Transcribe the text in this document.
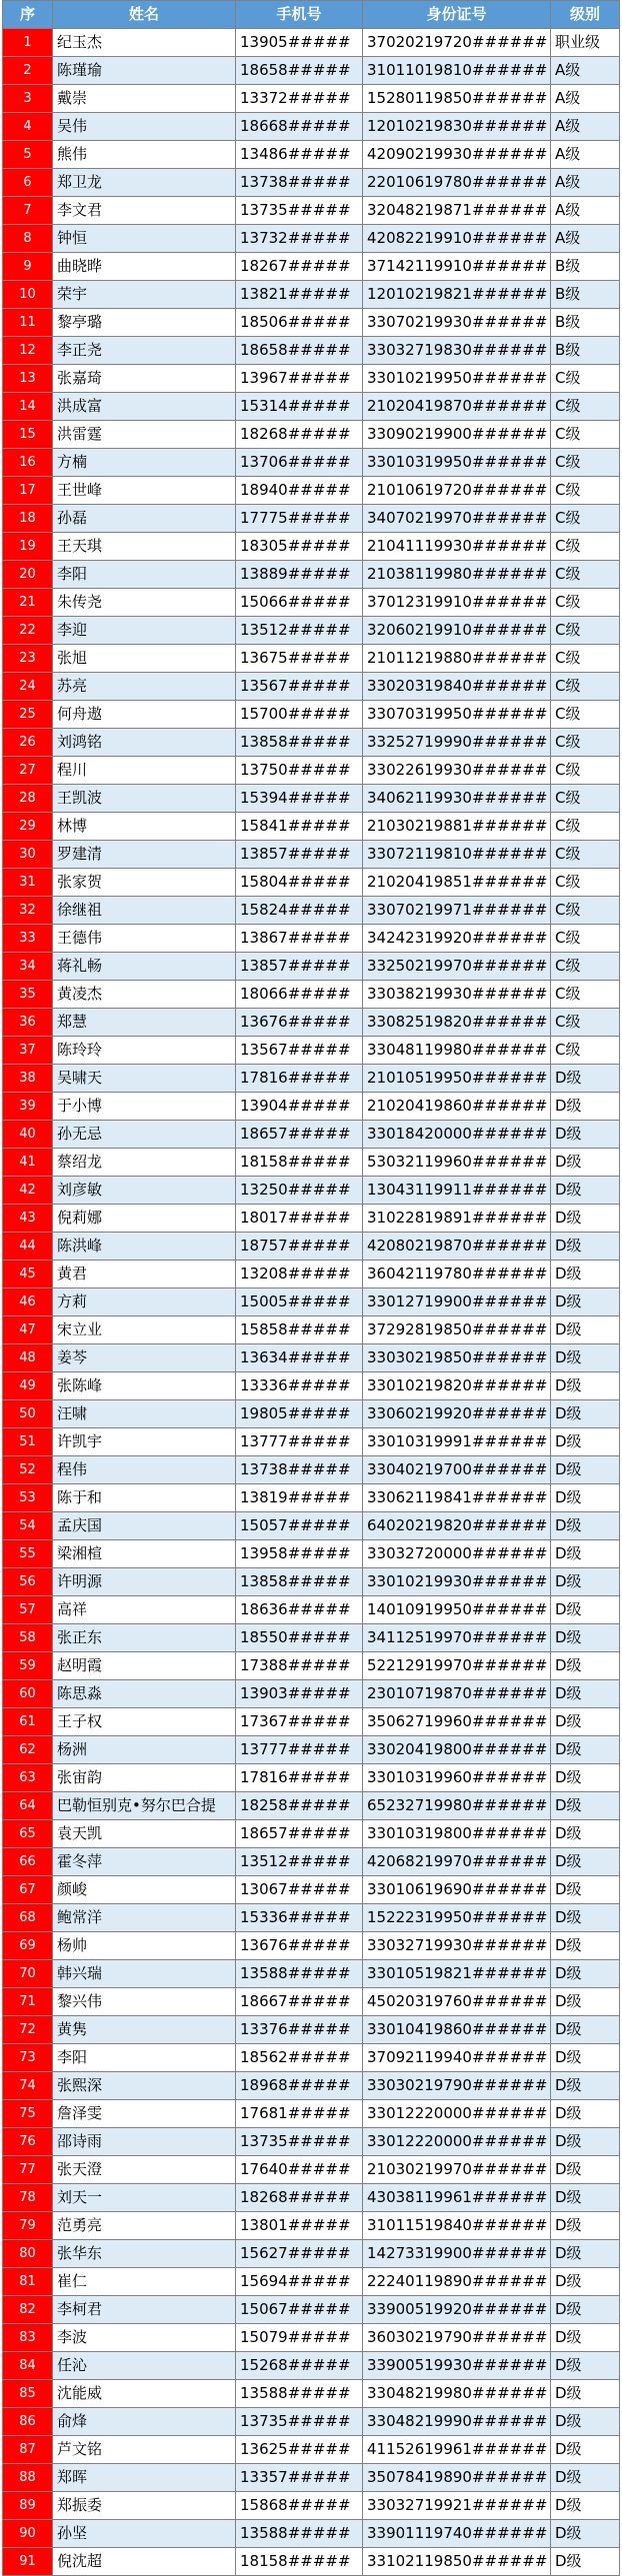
序	姓名	手机号	身份证号	级别
1	纪玉杰	13905#####	37020219720######	职业级
2	陈瑾瑜	18658#####	31011019810######	A级
3	戴崇	13372#####	15280119850######	A级
4	吴伟	18668#####	12010219830######	A级
5	熊伟	13486#####	42090219930######	A级
6	郑卫龙	13738#####	22010619780######	A级
7	李文君	13735#####	32048219871######	A级
8	钟恒	13732#####	42082219910######	A级
9	曲晓晔	18267#####	37142119910######	B级
10	荣宇	13821#####	12010219821######	B级
11	黎亭璐	18506#####	33070219930######	B级
12	李正尧	18658#####	33032719830######	B级
13	张嘉琦	13967#####	33010219950######	C级
14	洪成富	15314#####	21020419870######	C级
15	洪雷霆	18268#####	33090219900######	C级
16	方楠	13706#####	33010319950######	C级
17	王世峰	18940#####	21010619720######	C级
18	孙磊	17775#####	34070219970######	C级
19	王天琪	18305#####	21041119930######	C级
20	李阳	13889#####	21038119980######	C级
21	朱传尧	15066#####	37012319910######	C级
22	李迎	13512#####	32060219910######	C级
23	张旭	13675#####	21011219880######	C级
24	苏亮	13567#####	33020319840######	C级
25	何舟遨	15700#####	33070319950######	C级
26	刘鸿铭	13858#####	33252719990######	C级
27	程川	13750#####	33022619930######	C级
28	王凯波	15394#####	34062119930######	C级
29	林博	15841#####	21030219881######	C级
30	罗建清	13857#####	33072119810######	C级
31	张家贺	15804#####	21020419851######	C级
32	徐继祖	15824#####	33070219971######	C级
33	王德伟	13867#####	34242319920######	C级
34	蒋礼畅	13857#####	33250219970######	C级
35	黄凌杰	18066#####	33038219930######	C级
36	郑慧	13676#####	33082519820######	C级
37	陈玲玲	13567#####	33048119980######	C级
38	吴啸天	17816#####	21010519950######	D级
39	于小博	13904#####	21020419860######	D级
40	孙无忌	18657#####	33018420000######	D级
41	蔡绍龙	18158#####	53032119960######	D级
42	刘彦敏	13250#####	13043119911######	D级
43	倪莉娜	18017#####	31022819891######	D级
44	陈洪峰	18757#####	42080219870######	D级
45	黄君	13208#####	36042119780######	D级
46	方莉	15005#####	33012719900######	D级
47	宋立业	15858#####	37292819850######	D级
48	姜芩	13634#####	33030219850######	D级
49	张陈峰	13336#####	33010219820######	D级
50	汪啸	19805#####	33060219920######	D级
51	许凯宇	13777#####	33010319991######	D级
52	程伟	13738#####	33040219700######	D级
53	陈于和	13819#####	33062119841######	D级
54	孟庆国	15057#####	64020219820######	D级
55	梁湘楦	13958#####	33032720000######	D级
56	许明源	13858#####	33010219930######	D级
57	高祥	18636#####	14010919950######	D级
58	张正东	18550#####	34112519970######	D级
59	赵明霞	17388#####	52212919970######	D级
60	陈思淼	13903#####	23010719870######	D级
61	王子权	17367#####	35062719960######	D级
62	杨洲	13777#####	33020419800######	D级
63	张宙韵	17816#####	33010319960######	D级
64	巴勒恒别克•努尔巴合提	18258#####	65232719980######	D级
65	袁天凯	18657#####	33010319800######	D级
66	霍冬萍	13512#####	42068219970######	D级
67	颜峻	13067#####	33010619690######	D级
68	鲍常洋	15336#####	15222319950######	D级
69	杨帅	13676#####	33032719930######	D级
70	韩兴瑞	13588#####	33010519821######	D级
71	黎兴伟	18667#####	45020319760######	D级
72	黄隽	13376#####	33010419860######	D级
73	李阳	18562#####	37092119940######	D级
74	张熙深	18968#####	33030219790######	D级
75	詹泽雯	17681#####	33012220000######	D级
76	邵诗雨	13735#####	33012220000######	D级
77	张天澄	17640#####	21030219970######	D级
78	刘天一	18268#####	43038119961######	D级
79	范勇亮	13801#####	31011519840######	D级
80	张华东	15627#####	14273319900######	D级
81	崔仁	15694#####	22240119890######	D级
82	李柯君	15067#####	33900519920######	D级
83	李波	15079#####	36030219790######	D级
84	任沁	15268#####	33900519930######	D级
85	沈能威	13588#####	33048219980######	D级
86	俞烽	13735#####	33048219990######	D级
87	芦文铭	13625#####	41152619961######	D级
88	郑晖	13357#####	35078419890######	D级
89	郑振委	15868#####	33032719921######	D级
90	孙坚	13588#####	33901119740######	D级
91	倪沈超	18158#####	33102119850######	D级
